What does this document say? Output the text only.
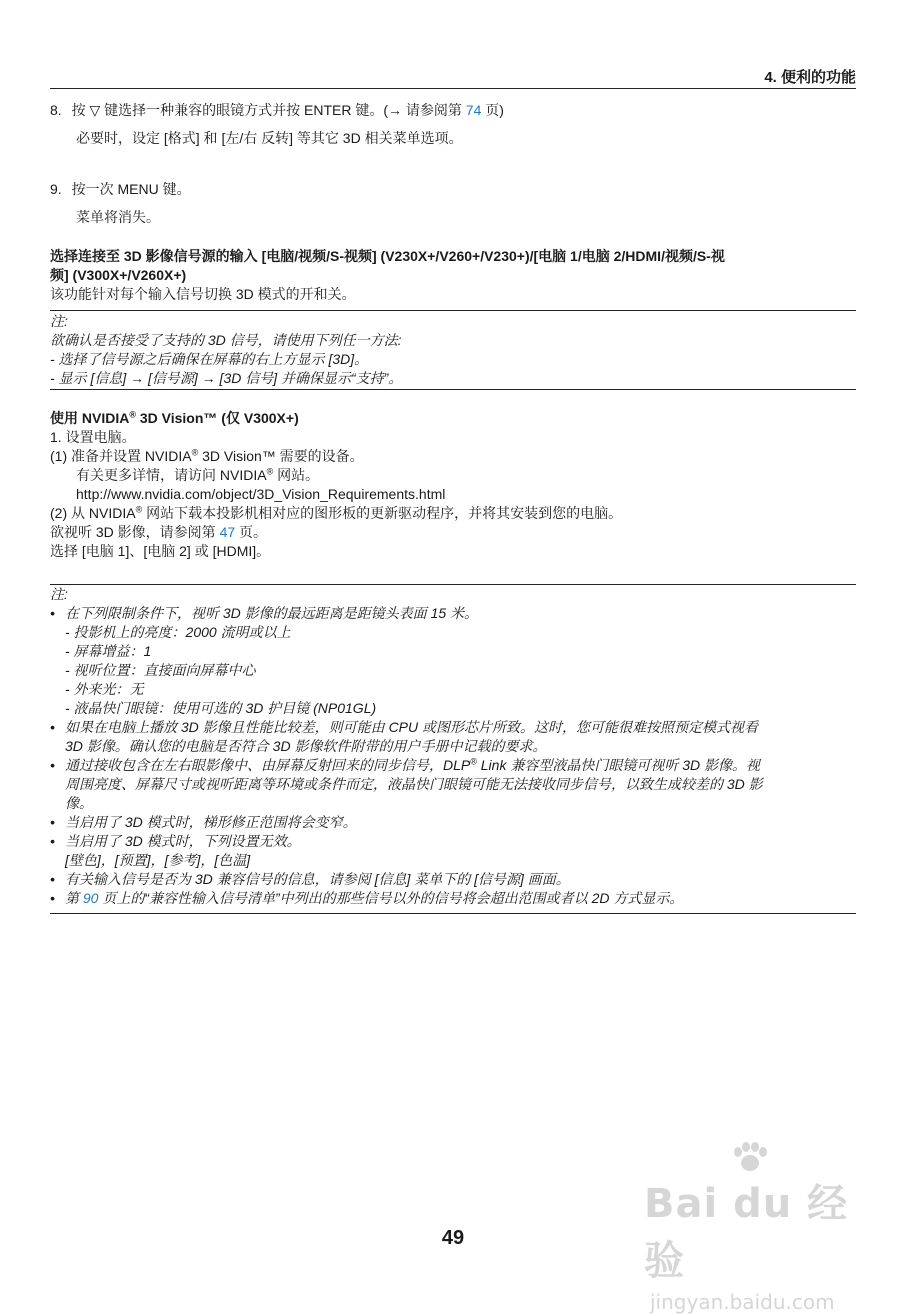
4. 便利的功能
8. 按 ▽ 键选择一种兼容的眼镜方式并按 ENTER 键。(→ 请参阅第 74 页)
必要时，设定 [格式] 和 [左/右 反转] 等其它 3D 相关菜单选项。
9. 按一次 MENU 键。
菜单将消失。
选择连接至 3D 影像信号源的输入 [电脑/视频/S-视频] (V230X+/V260+/V230+)/[电脑 1/电脑 2/HDMI/视频/S-视
频] (V300X+/V260X+)
该功能针对每个输入信号切换 3D 模式的开和关。
注:
欲确认是否接受了支持的 3D 信号，请使用下列任一方法:
- 选择了信号源之后确保在屏幕的右上方显示 [3D]。
- 显示 [信息] → [信号源] → [3D 信号] 并确保显示“支持”。
使用 NVIDIA® 3D Vision™ (仅 V300X+)
1. 设置电脑。
(1) 准备并设置 NVIDIA® 3D Vision™ 需要的设备。
有关更多详情，请访问 NVIDIA® 网站。
http://www.nvidia.com/object/3D_Vision_Requirements.html
(2) 从 NVIDIA® 网站下载本投影机相对应的图形板的更新驱动程序，并将其安装到您的电脑。
欲视听 3D 影像，请参阅第 47 页。
选择 [电脑 1]、[电脑 2] 或 [HDMI]。
注:
• 在下列限制条件下，视听 3D 影像的最远距离是距镜头表面 15 米。
- 投影机上的亮度：2000 流明或以上
- 屏幕增益：1
- 视听位置：直接面向屏幕中心
- 外来光：无
- 液晶快门眼镜：使用可选的 3D 护目镜 (NP01GL)
• 如果在电脑上播放 3D 影像且性能比较差，则可能由 CPU 或图形芯片所致。这时，您可能很难按照预定模式视看
3D 影像。确认您的电脑是否符合 3D 影像软件附带的用户手册中记载的要求。
• 通过接收包含在左右眼影像中、由屏幕反射回来的同步信号，DLP® Link 兼容型液晶快门眼镜可视听 3D 影像。视
周围亮度、屏幕尺寸或视听距离等环境或条件而定，液晶快门眼镜可能无法接收同步信号，以致生成较差的 3D 影
像。
• 当启用了 3D 模式时，梯形修正范围将会变窄。
• 当启用了 3D 模式时，下列设置无效。
[壁色]，[预置]，[参考]，[色温]
• 有关输入信号是否为 3D 兼容信号的信息，请参阅 [信息] 菜单下的 [信号源] 画面。
• 第 90 页上的“兼容性输入信号清单”中列出的那些信号以外的信号将会超出范围或者以 2D 方式显示。
Bai du 经验
jingyan.baidu.com
49
